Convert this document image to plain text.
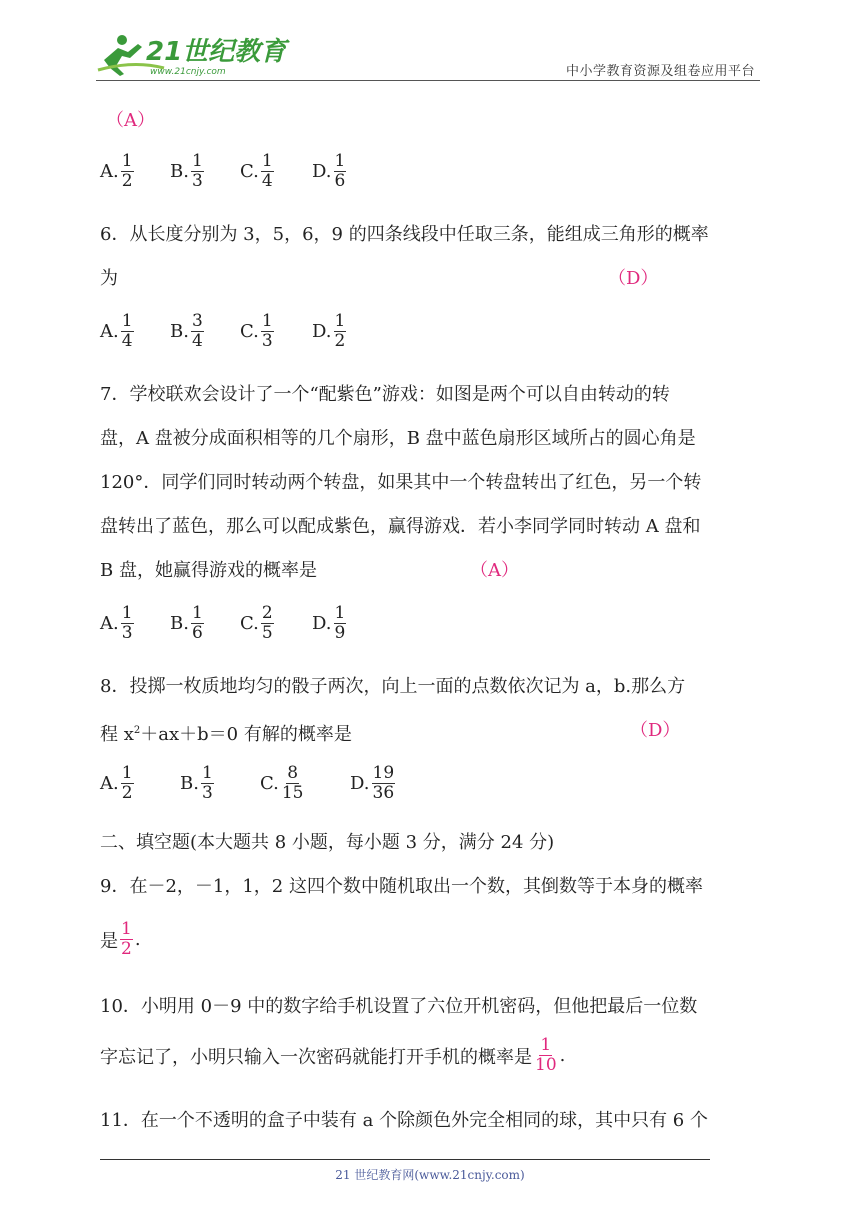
21世纪教育
www.21cnjy.com	中小学教育资源及组卷应用平台
（A）
A. $\frac{1}{2} B$. $\frac{1}{3} C$. $\frac{1}{4} D$. $\frac{1}{6}$
6．从长度分别为 3，5，6，9 的四条线段中任取三条，能组成三角形的概率
为	（D）
A. $\frac{1}{4} B$. $\frac{3}{4} C$. $\frac{1}{3} D$. $\frac{1}{2}$
7．学校联欢会设计了一个“配紫色”游戏：如图是两个可以自由转动的转
盘，A 盘被分成面积相等的几个扇形，B 盘中蓝色扇形区域所占的圆心角是
120°．同学们同时转动两个转盘，如果其中一个转盘转出了红色，另一个转
盘转出了蓝色，那么可以配成紫色，赢得游戏．若小李同学同时转动 A 盘和
B 盘，她赢得游戏的概率是	（A）
A. $\frac{1}{3} B$. $\frac{1}{6} C$. $\frac{2}{5} D$. $\frac{1}{9}$
8．投掷一枚质地均匀的骰子两次，向上一面的点数依次记为 a，b.那么方
程 $x^2+ax+b=0$ 有解的概率是	（D）
A. $\frac{1}{2}$	B. $\frac{1}{3}$	C. $\frac{8}{15}$	D. $\frac{19}{36}$
二、填空题(本大题共 8 小题，每小题 3 分，满分 24 分)
9．在－2，－1，1，2 这四个数中随机取出一个数，其倒数等于本身的概率
是 $\frac{1}{2}$ .
10．小明用 0－9 中的数字给手机设置了六位开机密码，但他把最后一位数
字忘记了，小明只输入一次密码就能打开手机的概率是 $\frac{1}{10}$ .
11．在一个不透明的盒子中装有 a 个除颜色外完全相同的球，其中只有 6 个
21 世纪教育网(www.21cnjy.com)
